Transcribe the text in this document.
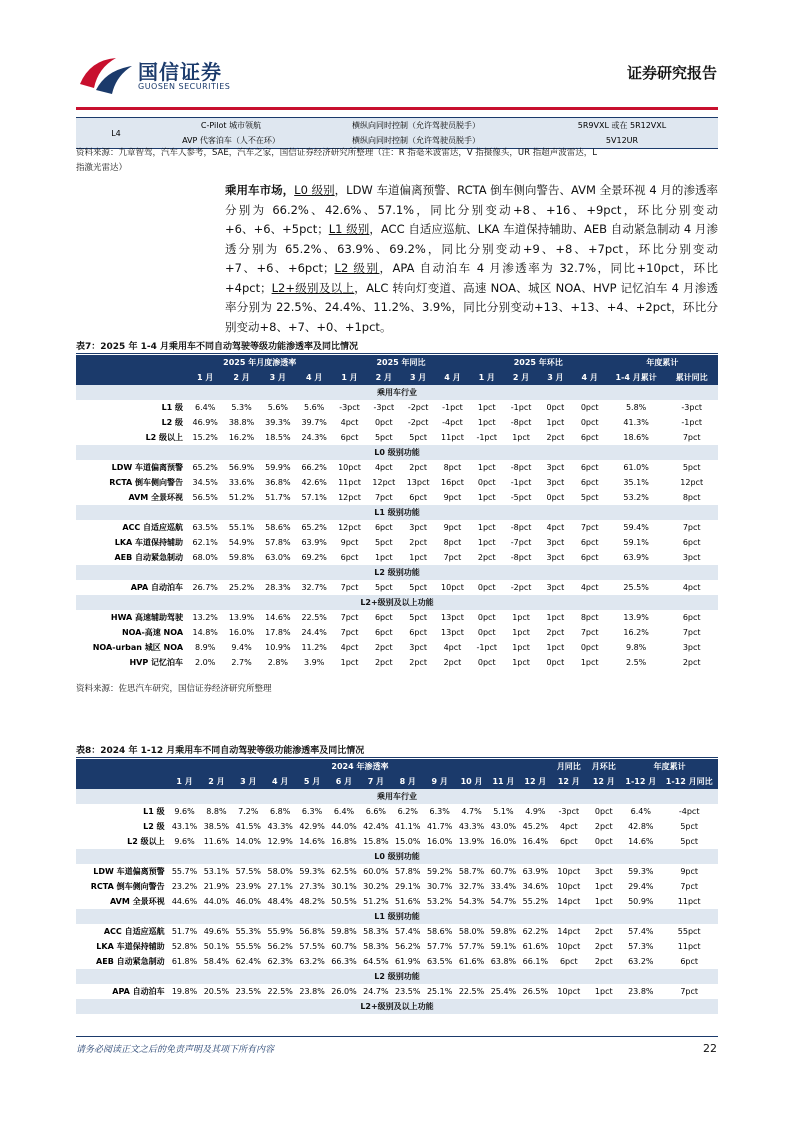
国信证券
GUOSEN SECURITIES
证券研究报告
L4	C-Pilot 城市领航	横纵向同时控制（允许驾驶员脱手）	5R9VXL 或在 5R12VXL
	AVP 代客泊车（人不在环）	横纵向同时控制（允许驾驶员脱手）	5V12UR
资料来源：九章智驾，汽车人参考，SAE，汽车之家，国信证券经济研究所整理（注：R 指毫米波雷达，V 指摄像头，UR 指超声波雷达，L
指激光雷达）
乘用车市场，L0 级别，LDW 车道偏离预警、RCTA 倒车侧向警告、AVM 全景环视 4 月的渗透率分别为 66.2%、42.6%、57.1%，同比分别变动+8、+16、+9pct，环比分别变动+6、+6、+5pct；L1 级别，ACC 自适应巡航、LKA 车道保持辅助、AEB 自动紧急制动 4 月渗透分别为 65.2%、63.9%、69.2%，同比分别变动+9、+8、+7pct，环比分别变动+7、+6、+6pct；L2 级别，APA 自动泊车 4 月渗透率为 32.7%，同比+10pct，环比+4pct；L2+级别及以上，ALC 转向灯变道、高速 NOA、城区 NOA、HVP 记忆泊车 4 月渗透率分别为 22.5%、24.4%、11.2%、3.9%，同比分别变动+13、+13、+4、+2pct，环比分别变动+8、+7、+0、+1pct。
表7：2025 年 1-4 月乘用车不同自动驾驶等级功能渗透率及同比情况
	2025 年月度渗透率				2025 年同比				2025 年环比				年度累计	
	1 月	2 月	3 月	4 月	1 月	2 月	3 月	4 月	1 月	2 月	3 月	4 月	1-4 月累计	累计同比
乘用车行业														
L1 级	6.4%	5.3%	5.6%	5.6%	-3pct	-3pct	-2pct	-1pct	1pct	-1pct	0pct	0pct	5.8%	-3pct
L2 级	46.9%	38.8%	39.3%	39.7%	4pct	0pct	-2pct	-4pct	1pct	-8pct	1pct	0pct	41.3%	-1pct
L2 级以上	15.2%	16.2%	18.5%	24.3%	6pct	5pct	5pct	11pct	-1pct	1pct	2pct	6pct	18.6%	7pct
L0 级别功能														
LDW 车道偏离预警	65.2%	56.9%	59.9%	66.2%	10pct	4pct	2pct	8pct	1pct	-8pct	3pct	6pct	61.0%	5pct
RCTA 倒车侧向警告	34.5%	33.6%	36.8%	42.6%	11pct	12pct	13pct	16pct	0pct	-1pct	3pct	6pct	35.1%	12pct
AVM 全景环视	56.5%	51.2%	51.7%	57.1%	12pct	7pct	6pct	9pct	1pct	-5pct	0pct	5pct	53.2%	8pct
L1 级别功能														
ACC 自适应巡航	63.5%	55.1%	58.6%	65.2%	12pct	6pct	3pct	9pct	1pct	-8pct	4pct	7pct	59.4%	7pct
LKA 车道保持辅助	62.1%	54.9%	57.8%	63.9%	9pct	5pct	2pct	8pct	1pct	-7pct	3pct	6pct	59.1%	6pct
AEB 自动紧急制动	68.0%	59.8%	63.0%	69.2%	6pct	1pct	1pct	7pct	2pct	-8pct	3pct	6pct	63.9%	3pct
L2 级别功能														
APA 自动泊车	26.7%	25.2%	28.3%	32.7%	7pct	5pct	5pct	10pct	0pct	-2pct	3pct	4pct	25.5%	4pct
L2+级别及以上功能														
HWA 高速辅助驾驶	13.2%	13.9%	14.6%	22.5%	7pct	6pct	5pct	13pct	0pct	1pct	1pct	8pct	13.9%	6pct
NOA-高速 NOA	14.8%	16.0%	17.8%	24.4%	7pct	6pct	6pct	13pct	0pct	1pct	2pct	7pct	16.2%	7pct
NOA-urban 城区 NOA	8.9%	9.4%	10.9%	11.2%	4pct	2pct	3pct	4pct	-1pct	1pct	1pct	0pct	9.8%	3pct
HVP 记忆泊车	2.0%	2.7%	2.8%	3.9%	1pct	2pct	2pct	2pct	0pct	1pct	0pct	1pct	2.5%	2pct
资料来源：佐思汽车研究，国信证券经济研究所整理
表8：2024 年 1-12 月乘用车不同自动驾驶等级功能渗透率及同比情况
	2024 年渗透率												月同比	月环比	年度累计	
	1 月	2 月	3 月	4 月	5 月	6 月	7 月	8 月	9 月	10 月	11 月	12 月	12 月	12 月	1-12 月	1-12 月同比
乘用车行业																
L1 级	9.6%	8.8%	7.2%	6.8%	6.3%	6.4%	6.6%	6.2%	6.3%	4.7%	5.1%	4.9%	-3pct	0pct	6.4%	-4pct
L2 级	43.1%	38.5%	41.5%	43.3%	42.9%	44.0%	42.4%	41.1%	41.7%	43.3%	43.0%	45.2%	4pct	2pct	42.8%	5pct
L2 级以上	9.6%	11.6%	14.0%	12.9%	14.6%	16.8%	15.8%	15.0%	16.0%	13.9%	16.0%	16.4%	6pct	0pct	14.6%	5pct
L0 级别功能																
LDW 车道偏离预警	55.7%	53.1%	57.5%	58.0%	59.3%	62.5%	60.0%	57.8%	59.2%	58.7%	60.7%	63.9%	10pct	3pct	59.3%	9pct
RCTA 倒车侧向警告	23.2%	21.9%	23.9%	27.1%	27.3%	30.1%	30.2%	29.1%	30.7%	32.7%	33.4%	34.6%	10pct	1pct	29.4%	7pct
AVM 全景环视	44.6%	44.0%	46.0%	48.4%	48.2%	50.5%	51.2%	51.6%	53.2%	54.3%	54.7%	55.2%	14pct	1pct	50.9%	11pct
L1 级别功能																
ACC 自适应巡航	51.7%	49.6%	55.3%	55.9%	56.8%	59.8%	58.3%	57.4%	58.6%	58.0%	59.8%	62.2%	14pct	2pct	57.4%	55pct
LKA 车道保持辅助	52.8%	50.1%	55.5%	56.2%	57.5%	60.7%	58.3%	56.2%	57.7%	57.7%	59.1%	61.6%	10pct	2pct	57.3%	11pct
AEB 自动紧急制动	61.8%	58.4%	62.4%	62.3%	63.2%	66.3%	64.5%	61.9%	63.5%	61.6%	63.8%	66.1%	6pct	2pct	63.2%	6pct
L2 级别功能																
APA 自动泊车	19.8%	20.5%	23.5%	22.5%	23.8%	26.0%	24.7%	23.5%	25.1%	22.5%	25.4%	26.5%	10pct	1pct	23.8%	7pct
L2+级别及以上功能																
请务必阅读正文之后的免责声明及其项下所有内容	22
